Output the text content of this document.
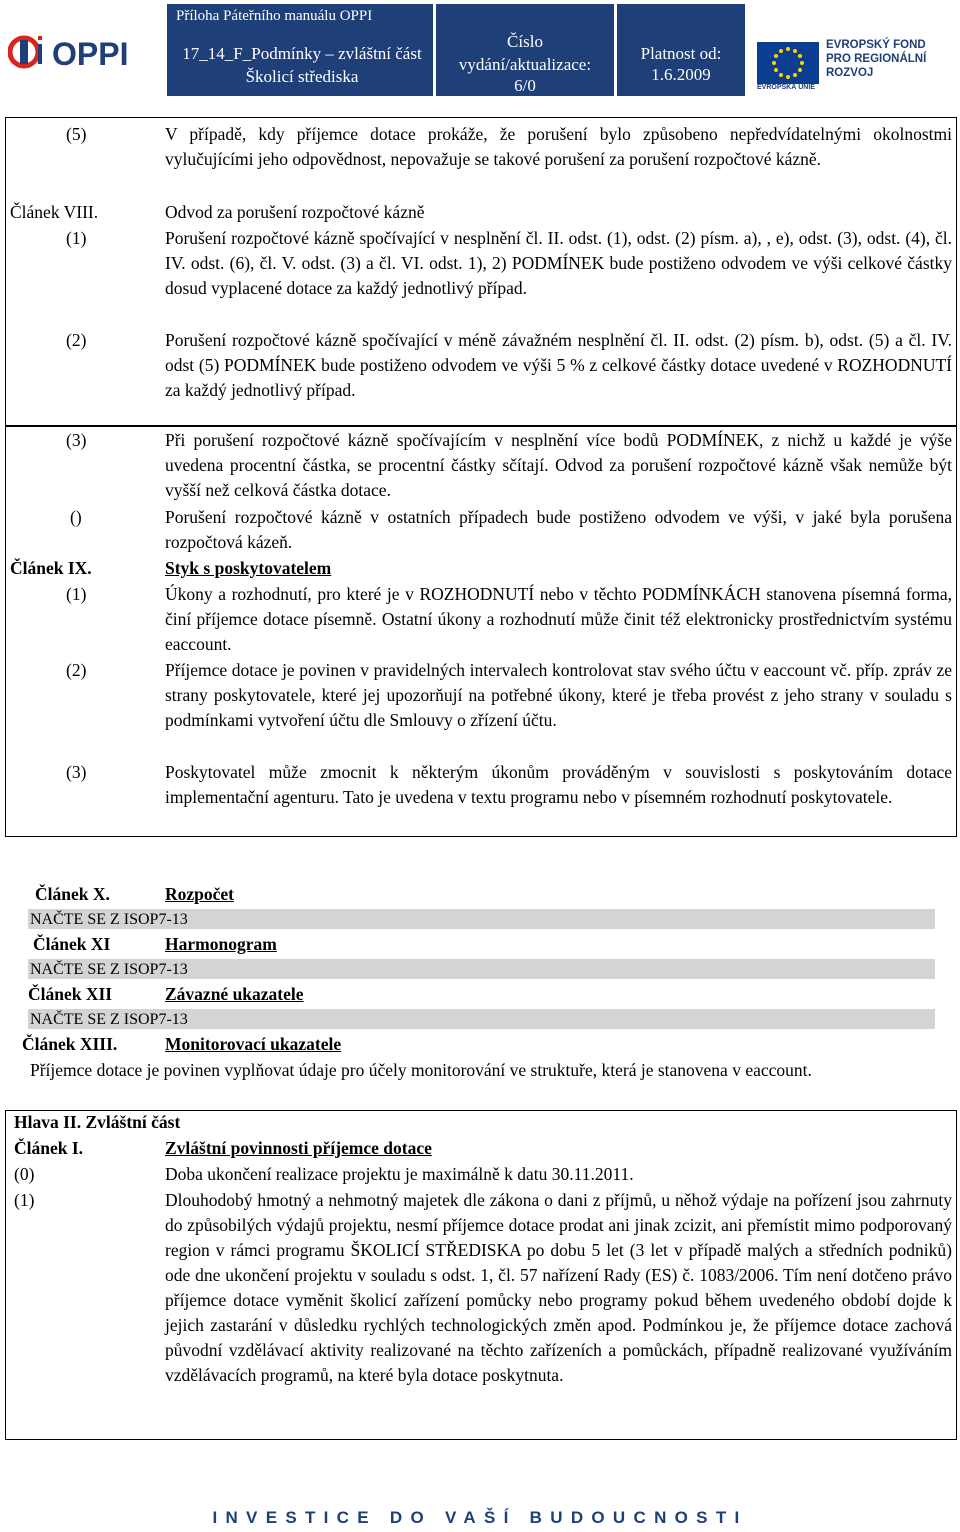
OPPI
Příloha Páteřního manuálu OPPI
17_14_F_Podmínky – zvláštní část Školicí střediska
Číslo vydání/aktualizace:
6/0
Platnost od:
1.6.2009
EVROPSKÁ UNIE
EVROPSKÝ FOND
PRO REGIONÁLNÍ
ROZVOJ
(5)	V případě, kdy příjemce dotace prokáže, že porušení bylo způsobeno nepředvídatelnými okolnostmi vylučujícími jeho odpovědnost, nepovažuje se takové porušení za porušení rozpočtové kázně.
Článek VIII.	Odvod za porušení rozpočtové kázně
(1)	Porušení rozpočtové kázně spočívající v nesplnění čl. II. odst. (1), odst. (2) písm. a), , e), odst. (3), odst. (4), čl. IV. odst. (6), čl. V. odst. (3) a čl. VI. odst. 1), 2) PODMÍNEK bude postiženo odvodem ve výši celkové částky dosud vyplacené dotace za každý jednotlivý případ.
(2)	Porušení rozpočtové kázně spočívající v méně závažném nesplnění čl. II. odst. (2) písm. b), odst. (5) a čl. IV. odst (5) PODMÍNEK bude postiženo odvodem ve výši 5 % z celkové částky dotace uvedené v ROZHODNUTÍ za každý jednotlivý případ.
(3)	Při porušení rozpočtové kázně spočívajícím v nesplnění více bodů PODMÍNEK, z nichž u každé je výše uvedena procentní částka, se procentní částky sčítají. Odvod za porušení rozpočtové kázně však nemůže být vyšší než celková částka dotace.
()	Porušení rozpočtové kázně v ostatních případech bude postiženo odvodem ve výši, v jaké byla porušena rozpočtová kázeň.
Článek IX.	Styk s poskytovatelem
(1)	Úkony a rozhodnutí, pro které je v ROZHODNUTÍ nebo v těchto PODMÍNKÁCH stanovena písemná forma, činí příjemce dotace písemně. Ostatní úkony a rozhodnutí může činit též elektronicky prostřednictvím systému eaccount.
(2)	Příjemce dotace je povinen v pravidelných intervalech kontrolovat stav svého účtu v eaccount vč. příp. zpráv ze strany poskytovatele, které jej upozorňují na potřebné úkony, které je třeba provést z jeho strany v souladu s podmínkami vytvoření účtu dle Smlouvy o zřízení účtu.
(3)	Poskytovatel může zmocnit k některým úkonům prováděným v souvislosti s poskytováním dotace implementační agenturu. Tato je uvedena v textu programu nebo v písemném rozhodnutí poskytovatele.
Článek X.	Rozpočet
NAČTE SE Z ISOP7-13
Článek XI	Harmonogram
NAČTE SE Z ISOP7-13
Článek XII	Závazné ukazatele
NAČTE SE Z ISOP7-13
Článek XIII.	Monitorovací ukazatele
Příjemce dotace je povinen vyplňovat údaje pro účely monitorování ve struktuře, která je stanovena v eaccount.
Hlava II. Zvláštní část
Článek I.	Zvláštní povinnosti příjemce dotace
(0)	Doba ukončení realizace projektu je maximálně k datu 30.11.2011.
(1)	Dlouhodobý hmotný a nehmotný majetek dle zákona o dani z příjmů, u něhož výdaje na pořízení jsou zahrnuty do způsobilých výdajů projektu, nesmí příjemce dotace prodat ani jinak zcizit, ani přemístit mimo podporovaný region v rámci programu ŠKOLICÍ STŘEDISKA po dobu 5 let (3 let v případě malých a středních podniků) ode dne ukončení projektu v souladu s odst. 1, čl. 57 nařízení Rady (ES) č. 1083/2006. Tím není dotčeno právo příjemce dotace vyměnit školicí zařízení pomůcky nebo programy pokud během uvedeného období dojde k jejich zastarání v důsledku rychlých technologických změn apod. Podmínkou je, že příjemce dotace zachová původní vzdělávací aktivity realizované na těchto zařízeních a pomůckách, případně realizované využíváním vzdělávacích programů, na které byla dotace poskytnuta.
INVESTICE DO VAŠÍ BUDOUCNOSTI
